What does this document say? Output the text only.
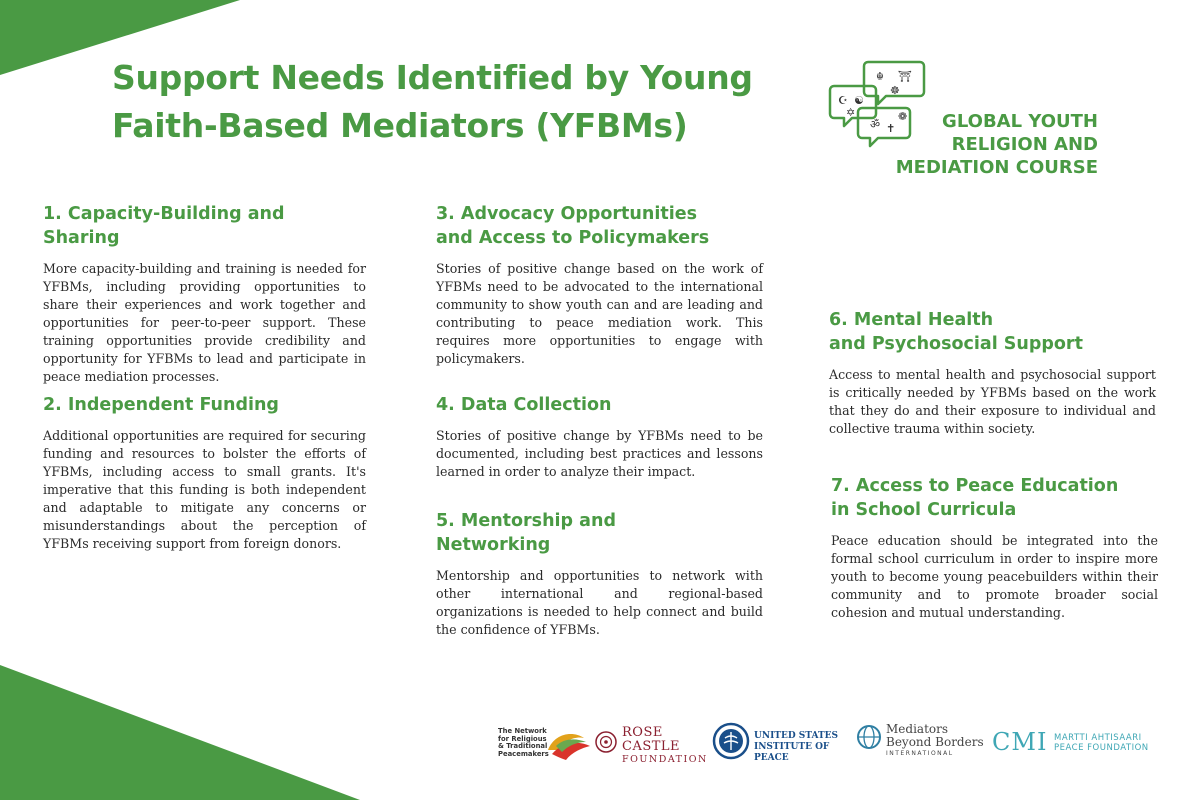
Support Needs Identified by Young
Faith-Based Mediators (YFBMs)
☬ ⛩
☪ ☯
✡
☸
ॐ ✝
❁	GLOBAL YOUTH
RELIGION AND
MEDIATION COURSE
1. Capacity-Building and Sharing

More capacity-building and training is needed for YFBMs, including providing opportunities to share their experiences and work together and opportunities for peer-to-peer support. These training opportunities provide credibility and opportunity for YFBMs to lead and participate in peace mediation processes.

2. Independent Funding

Additional opportunities are required for securing funding and resources to bolster the efforts of YFBMs, including access to small grants. It's imperative that this funding is both independent and adaptable to mitigate any concerns or misunderstandings about the perception of YFBMs receiving support from foreign donors.

3. Advocacy Opportunities
and Access to Policymakers

Stories of positive change based on the work of YFBMs need to be advocated to the international community to show youth can and are leading and contributing to peace mediation work. This requires more opportunities to engage with policymakers.

4. Data Collection

Stories of positive change by YFBMs need to be documented, including best practices and lessons learned in order to analyze their impact.

5. Mentorship and
Networking

Mentorship and opportunities to network with other international and regional-based organizations is needed to help connect and build the confidence of YFBMs.

6. Mental Health
and Psychosocial Support

Access to mental health and psychosocial support is critically needed by YFBMs based on the work that they do and their exposure to individual and collective trauma within society.

7. Access to Peace Education
in School Curricula

Peace education should be integrated into the formal school curriculum in order to inspire more youth to become young peacebuilders within their community and to promote broader social cohesion and mutual understanding.

The Network
for Religious
& Traditional
Peacemakers
ROSE CASTLE
FOUNDATION
UNITED STATES
INSTITUTE OF PEACE
Mediators
Beyond Borders
INTERNATIONAL	CMI MARTTI AHTISAARI
PEACE FOUNDATION
